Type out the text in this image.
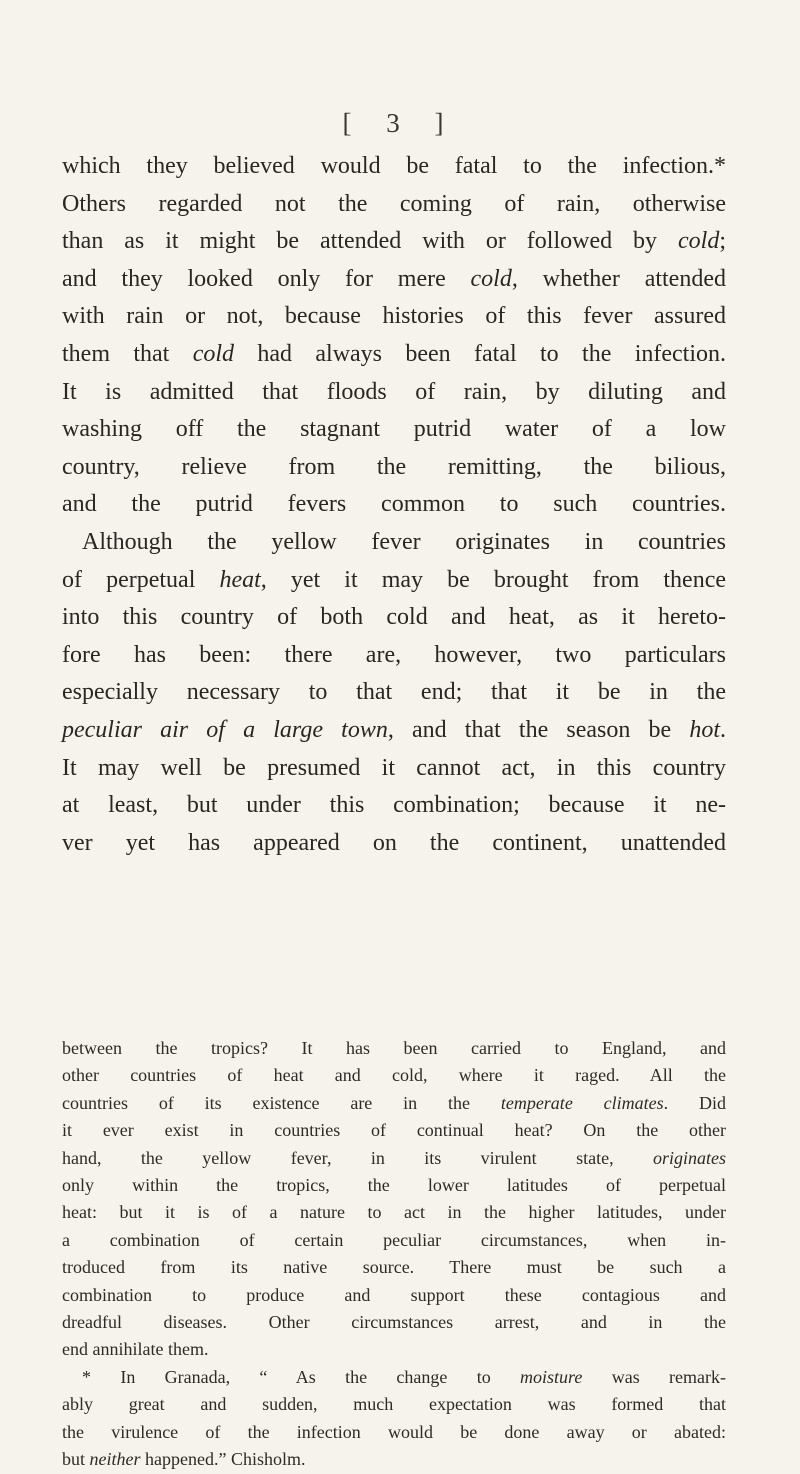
[ 3 ]
which they believed would be fatal to the infection.*
Others regarded not the coming of rain, otherwise
than as it might be attended with or followed by cold;
and they looked only for mere cold, whether attended
with rain or not, because histories of this fever assured
them that cold had always been fatal to the infection.
It is admitted that floods of rain, by diluting and
washing off the stagnant putrid water of a low
country, relieve from the remitting, the bilious,
and the putrid fevers common to such countries.
Although the yellow fever originates in countries
of perpetual heat, yet it may be brought from thence
into this country of both cold and heat, as it hereto-
fore has been: there are, however, two particulars
especially necessary to that end; that it be in the
peculiar air of a large town, and that the season be hot.
It may well be presumed it cannot act, in this country
at least, but under this combination; because it ne-
ver yet has appeared on the continent, unattended
between the tropics? It has been carried to England, and
other countries of heat and cold, where it raged. All the
countries of its existence are in the temperate climates. Did
it ever exist in countries of continual heat? On the other
hand, the yellow fever, in its virulent state, originates
only within the tropics, the lower latitudes of perpetual
heat: but it is of a nature to act in the higher latitudes, under
a combination of certain peculiar circumstances, when in-
troduced from its native source. There must be such a
combination to produce and support these contagious and
dreadful diseases. Other circumstances arrest, and in the
end annihilate them.
* In Granada, “ As the change to moisture was remark-
ably great and sudden, much expectation was formed that
the virulence of the infection would be done away or abated:
but neither happened.” Chisholm.
